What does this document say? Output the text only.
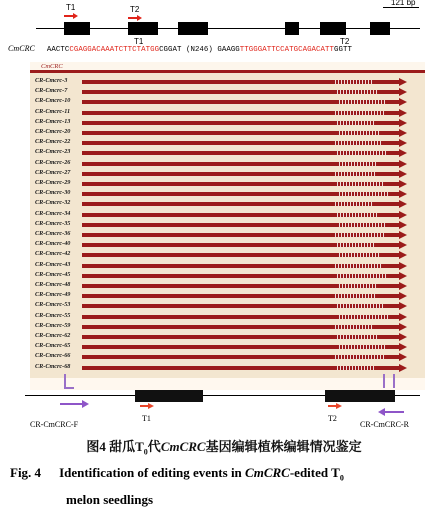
T1	T2
121 bp
T1	T2
CmCRC AACTCCGAGGACAAATCTTCTATGGCGGAT (N246) GAAGGTTGGGATTCCATGCAGACATTGGTT
CmCRC
CR-Cmcrc-3
CR-Cmcrc-7
CR-Cmcrc-10
CR-Cmcrc-11
CR-Cmcrc-13
CR-Cmcrc-20
CR-Cmcrc-22
CR-Cmcrc-23
CR-Cmcrc-26
CR-Cmcrc-27
CR-Cmcrc-29
CR-Cmcrc-30
CR-Cmcrc-32
CR-Cmcrc-34
CR-Cmcrc-35
CR-Cmcrc-36
CR-Cmcrc-40
CR-Cmcrc-42
CR-Cmcrc-43
CR-Cmcrc-45
CR-Cmcrc-48
CR-Cmcrc-49
CR-Cmcrc-53
CR-Cmcrc-55
CR-Cmcrc-59
CR-Cmcrc-62
CR-Cmcrc-65
CR-Cmcrc-66
CR-Cmcrc-68
CR-CmCRC-F
T1	T2
CR-CmCRC-R
图4 甜瓜$T_0$代CmCRC基因编辑植株编辑情况鉴定
Fig. 4 Identification of editing events in CmCRC-edited $T_0$
melon seedlings
